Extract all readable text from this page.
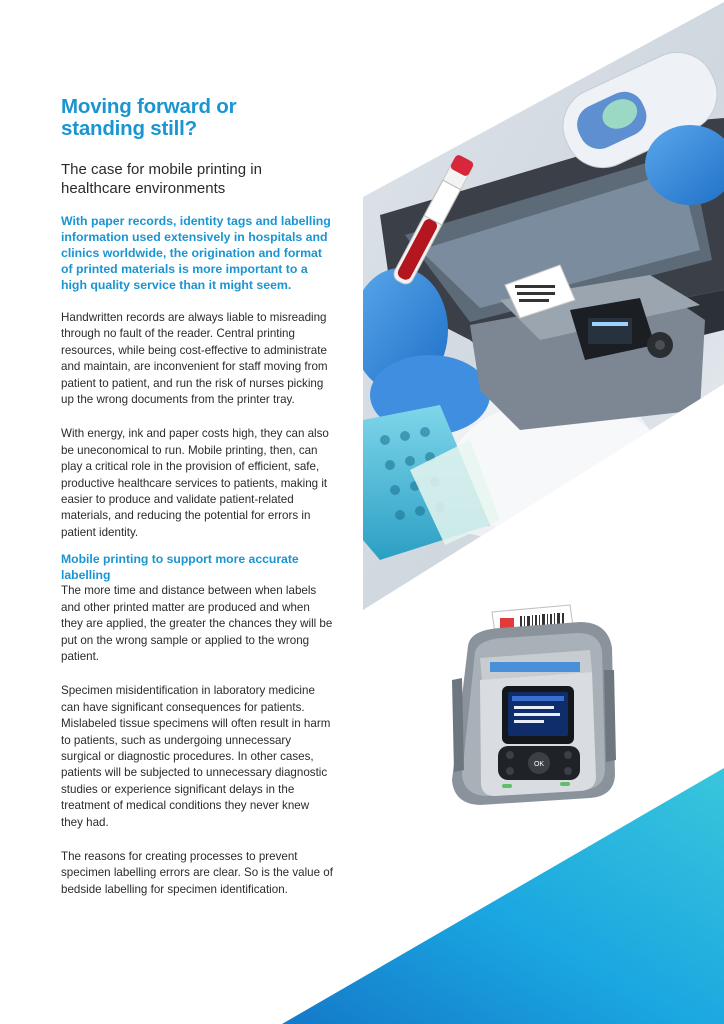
OK
Moving forward or
standing still?
The case for mobile printing in
healthcare environments

With paper records, identity tags and labelling information used extensively in hospitals and clinics worldwide, the origination and format of printed materials is more important to a high quality service than it might seem.

Handwritten records are always liable to misreading through no fault of the reader. Central printing resources, while being cost-effective to administrate and maintain, are inconvenient for staff moving from patient to patient, and run the risk of nurses picking up the wrong documents from the printer tray.

With energy, ink and paper costs high, they can also be uneconomical to run. Mobile printing, then, can play a critical role in the provision of efficient, safe, productive healthcare services to patients, making it easier to produce and validate patient-related materials, and reducing the potential for errors in patient identity.

Mobile printing to support more accurate labelling

The more time and distance between when labels and other printed matter are produced and when they are applied, the greater the chances they will be put on the wrong sample or applied to the wrong patient.

Specimen misidentification in laboratory medicine can have significant consequences for patients. Mislabeled tissue specimens will often result in harm to patients, such as undergoing unnecessary surgical or diagnostic procedures. In other cases, patients will be subjected to unnecessary diagnostic studies or experience significant delays in the treatment of medical conditions they never knew they had.

The reasons for creating processes to prevent specimen labelling errors are clear. So is the value of bedside labelling for specimen identification.
